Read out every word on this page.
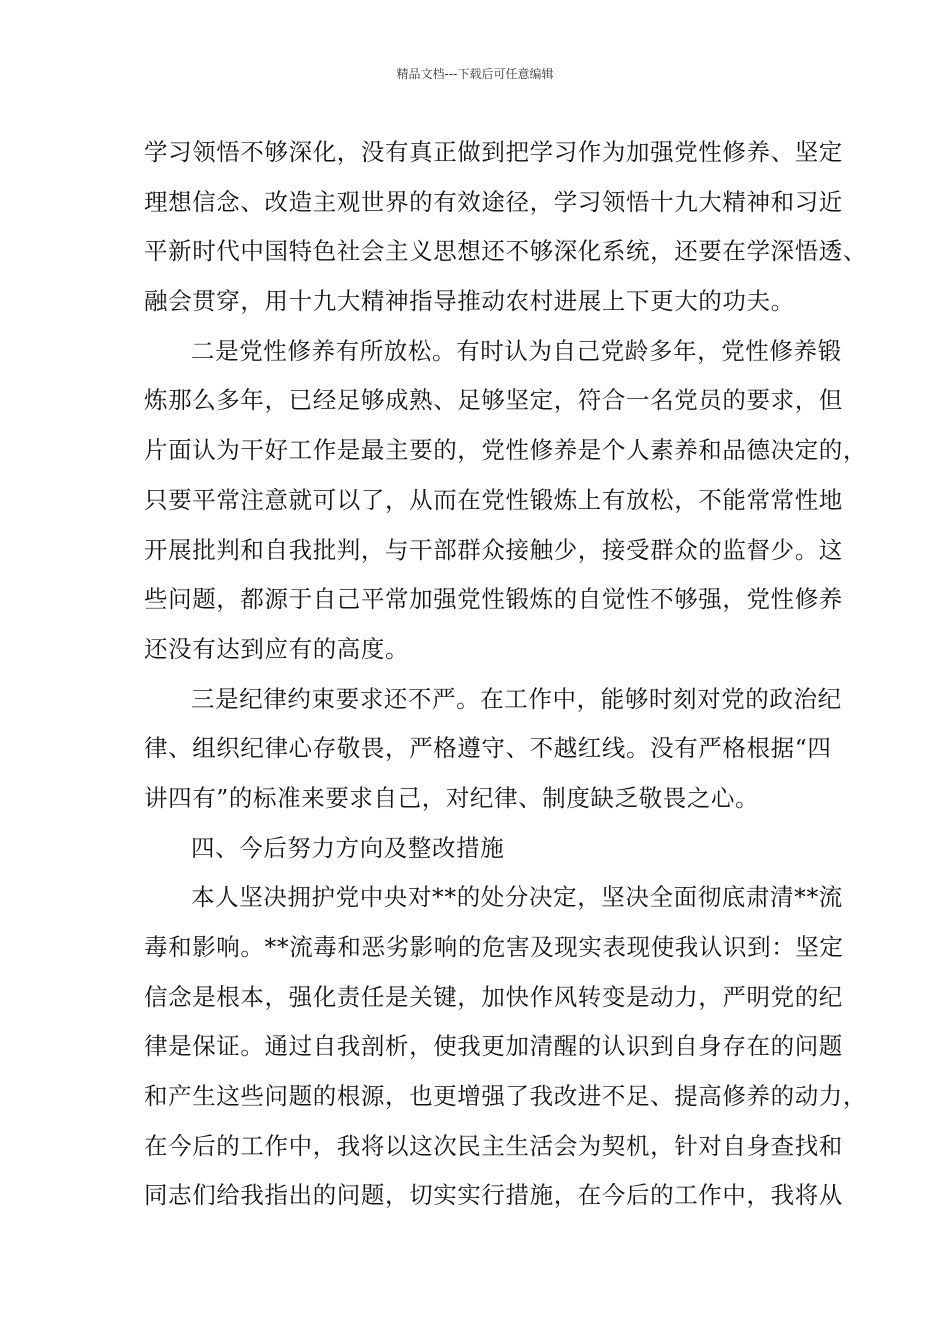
精品文档---下载后可任意编辑
学习领悟不够深化，没有真正做到把学习作为加强党性修养、坚定
理想信念、改造主观世界的有效途径，学习领悟十九大精神和习近
平新时代中国特色社会主义思想还不够深化系统，还要在学深悟透、
融会贯穿，用十九大精神指导推动农村进展上下更大的功夫。
二是党性修养有所放松。有时认为自己党龄多年，党性修养锻
炼那么多年，已经足够成熟、足够坚定，符合一名党员的要求，但
片面认为干好工作是最主要的，党性修养是个人素养和品德决定的，
只要平常注意就可以了，从而在党性锻炼上有放松，不能常常性地
开展批判和自我批判，与干部群众接触少，接受群众的监督少。这
些问题，都源于自己平常加强党性锻炼的自觉性不够强，党性修养
还没有达到应有的高度。
三是纪律约束要求还不严。在工作中，能够时刻对党的政治纪
律、组织纪律心存敬畏，严格遵守、不越红线。没有严格根据“四
讲四有”的标准来要求自己，对纪律、制度缺乏敬畏之心。
四、今后努力方向及整改措施
本人坚决拥护党中央对**的处分决定，坚决全面彻底肃清**流
毒和影响。**流毒和恶劣影响的危害及现实表现使我认识到：坚定
信念是根本，强化责任是关键，加快作风转变是动力，严明党的纪
律是保证。通过自我剖析，使我更加清醒的认识到自身存在的问题
和产生这些问题的根源，也更增强了我改进不足、提高修养的动力，
在今后的工作中，我将以这次民主生活会为契机，针对自身查找和
同志们给我指出的问题，切实实行措施，在今后的工作中，我将从
